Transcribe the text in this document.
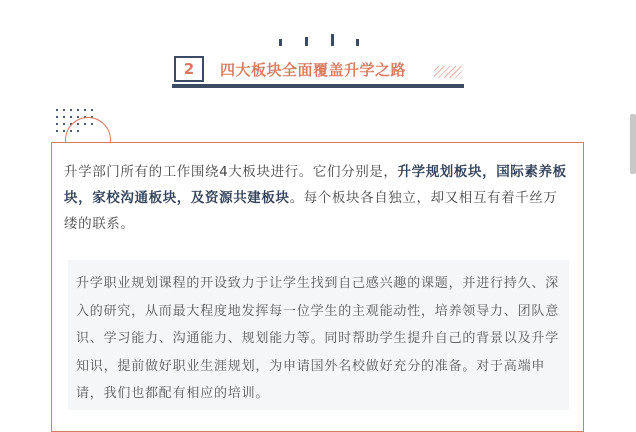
2	四大板块全面覆盖升学之路

升学部门所有的工作围绕4大板块进行。它们分别是，升学规划板块，国际素养板块，家校沟通板块，及资源共建板块。每个板块各自独立，却又相互有着千丝万缕的联系。

升学职业规划课程的开设致力于让学生找到自己感兴趣的课题，并进行持久、深入的研究，从而最大程度地发挥每一位学生的主观能动性，培养领导力、团队意识、学习能力、沟通能力、规划能力等。同时帮助学生提升自己的背景以及升学知识，提前做好职业生涯规划，为申请国外名校做好充分的准备。对于高端申请，我们也都配有相应的培训。
